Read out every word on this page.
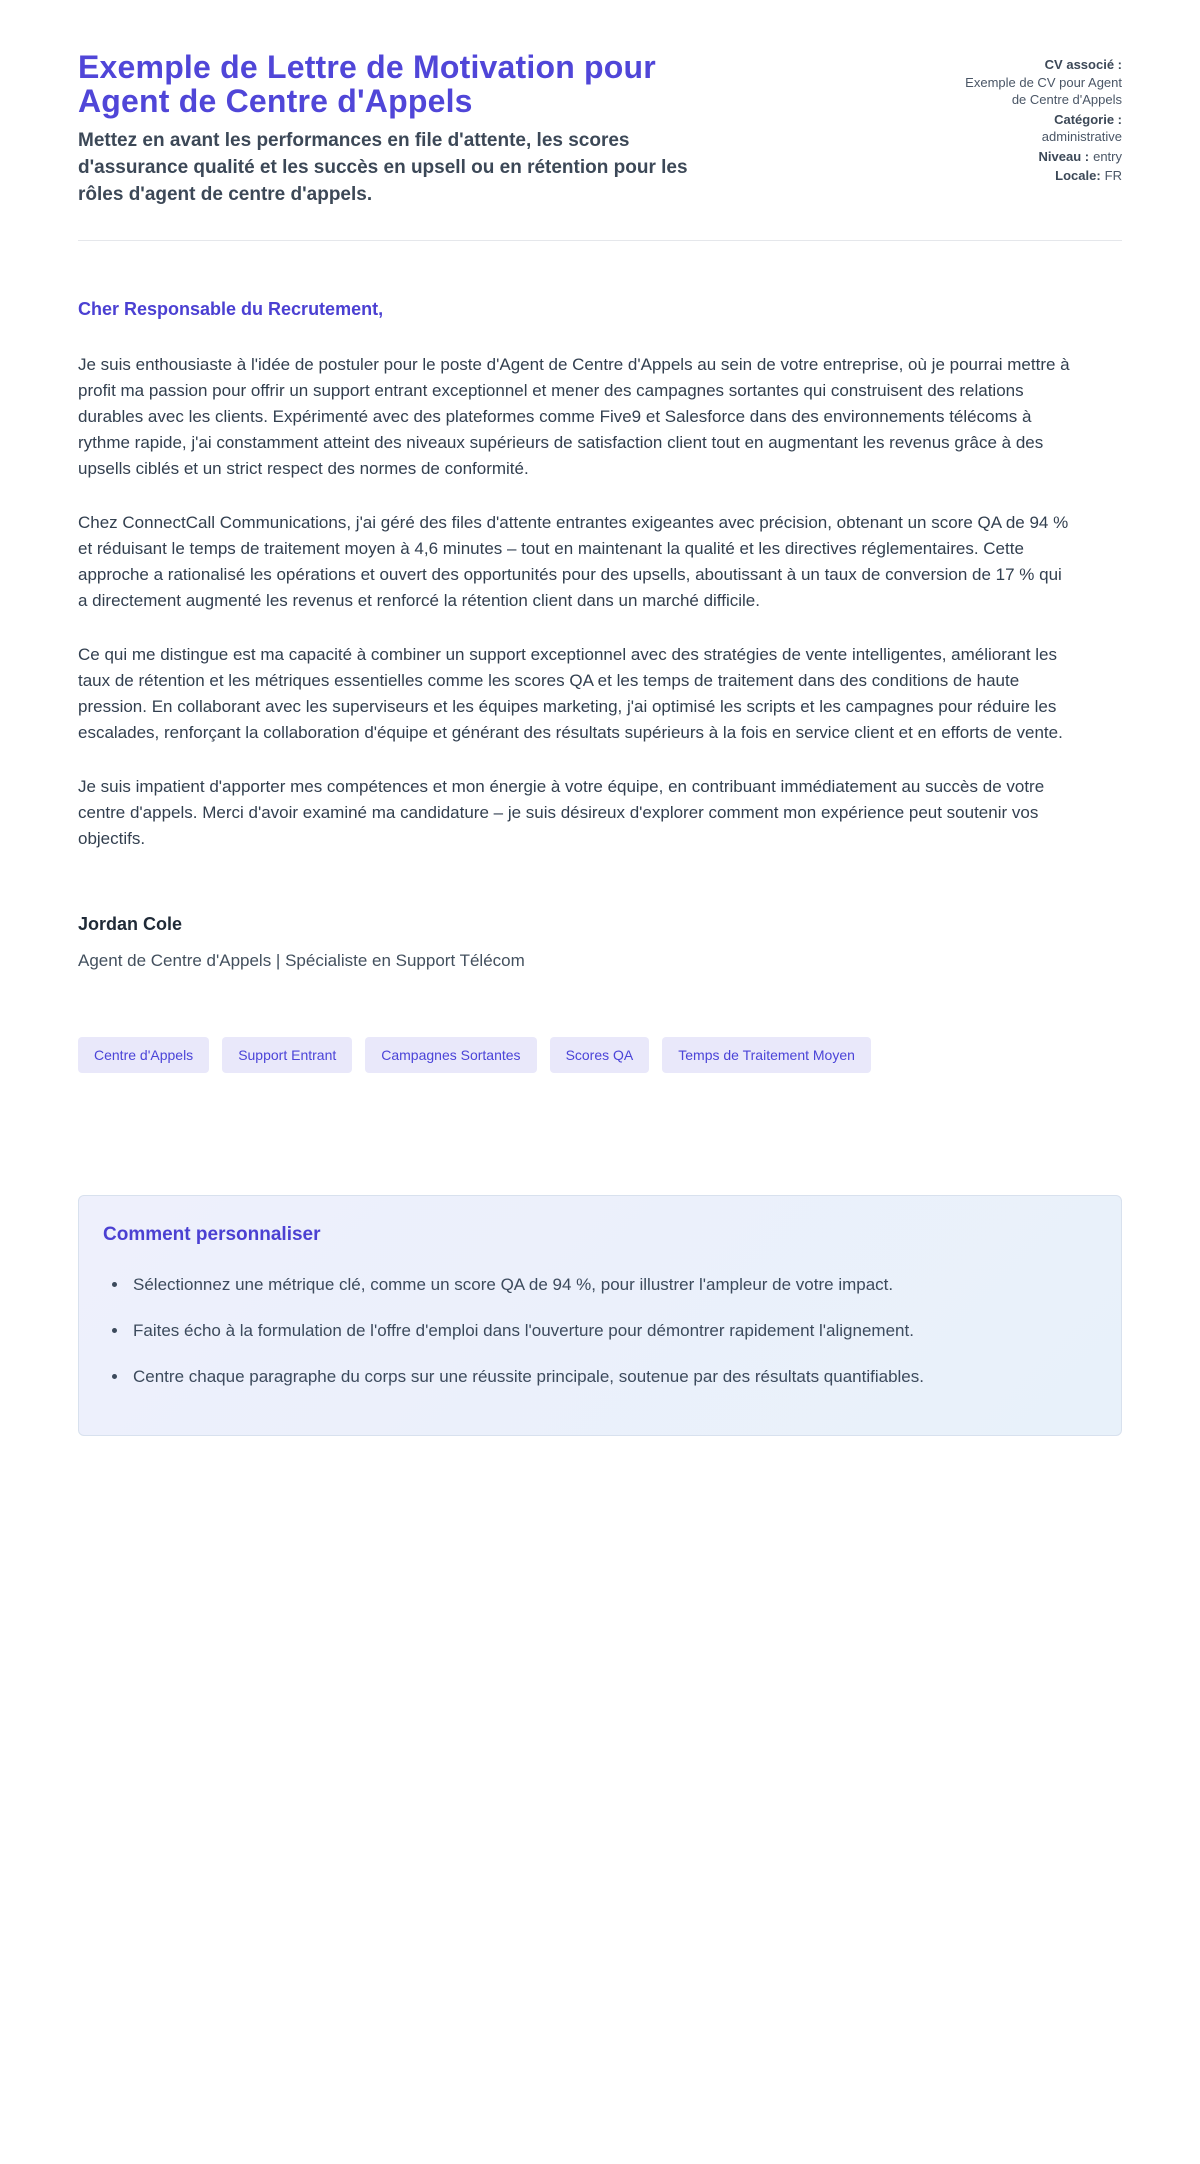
Exemple de Lettre de Motivation pour Agent de Centre d'Appels

Mettez en avant les performances en file d'attente, les scores d'assurance qualité et les succès en upsell ou en rétention pour les rôles d'agent de centre d'appels.

CV associé :
Exemple de CV pour Agent de Centre d'Appels
Catégorie :
administrative
Niveau : entry
Locale: FR

Cher Responsable du Recrutement,

Je suis enthousiaste à l'idée de postuler pour le poste d'Agent de Centre d'Appels au sein de votre entreprise, où je pourrai mettre à profit ma passion pour offrir un support entrant exceptionnel et mener des campagnes sortantes qui construisent des relations durables avec les clients. Expérimenté avec des plateformes comme Five9 et Salesforce dans des environnements télécoms à rythme rapide, j'ai constamment atteint des niveaux supérieurs de satisfaction client tout en augmentant les revenus grâce à des upsells ciblés et un strict respect des normes de conformité.

Chez ConnectCall Communications, j'ai géré des files d'attente entrantes exigeantes avec précision, obtenant un score QA de 94 % et réduisant le temps de traitement moyen à 4,6 minutes – tout en maintenant la qualité et les directives réglementaires. Cette approche a rationalisé les opérations et ouvert des opportunités pour des upsells, aboutissant à un taux de conversion de 17 % qui a directement augmenté les revenus et renforcé la rétention client dans un marché difficile.

Ce qui me distingue est ma capacité à combiner un support exceptionnel avec des stratégies de vente intelligentes, améliorant les taux de rétention et les métriques essentielles comme les scores QA et les temps de traitement dans des conditions de haute pression. En collaborant avec les superviseurs et les équipes marketing, j'ai optimisé les scripts et les campagnes pour réduire les escalades, renforçant la collaboration d'équipe et générant des résultats supérieurs à la fois en service client et en efforts de vente.

Je suis impatient d'apporter mes compétences et mon énergie à votre équipe, en contribuant immédiatement au succès de votre centre d'appels. Merci d'avoir examiné ma candidature – je suis désireux d'explorer comment mon expérience peut soutenir vos objectifs.

Jordan Cole

Agent de Centre d'Appels | Spécialiste en Support Télécom

Centre d'Appels	Support Entrant	Campagnes Sortantes	Scores QA	Temps de Traitement Moyen
Comment personnaliser
• Sélectionnez une métrique clé, comme un score QA de 94 %, pour illustrer l'ampleur de votre impact.
• Faites écho à la formulation de l'offre d'emploi dans l'ouverture pour démontrer rapidement l'alignement.
• Centre chaque paragraphe du corps sur une réussite principale, soutenue par des résultats quantifiables.
